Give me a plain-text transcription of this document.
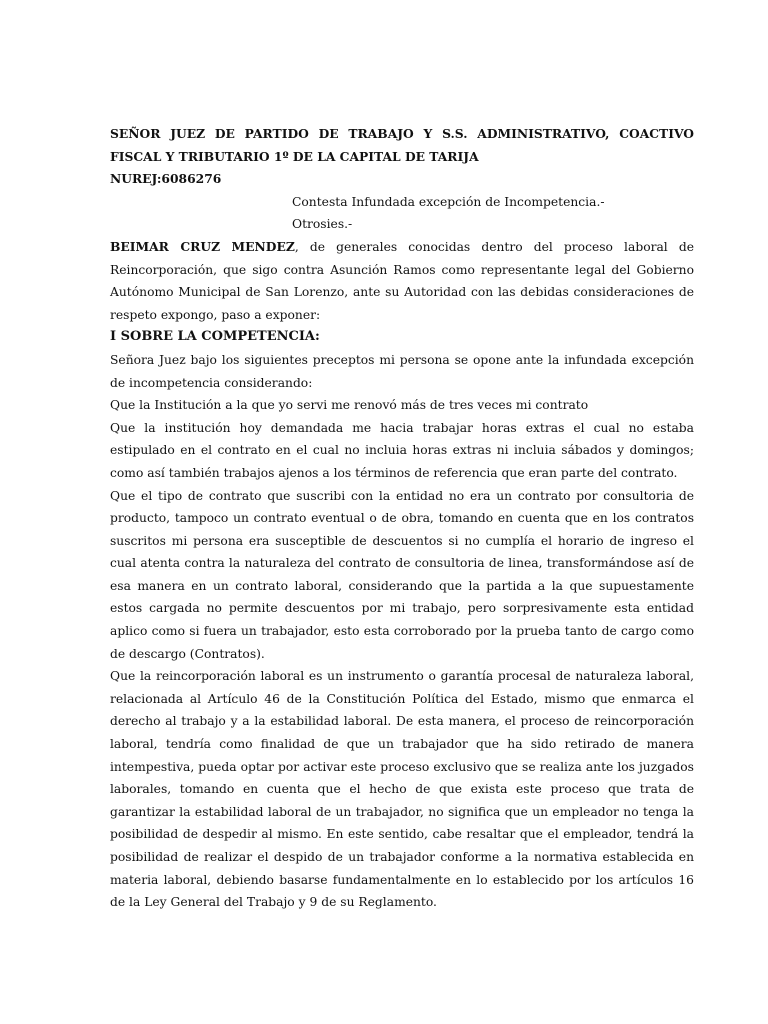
SEÑOR JUEZ DE PARTIDO DE TRABAJO Y S.S. ADMINISTRATIVO, COACTIVO FISCAL Y TRIBUTARIO 1º DE LA CAPITAL DE TARIJA
NUREJ:6086276
Contesta Infundada excepción de Incompetencia.-
Otrosies.-

BEIMAR CRUZ MENDEZ, de generales conocidas dentro del proceso laboral de Reincorporación, que sigo contra Asunción Ramos como representante legal del Gobierno Autónomo Municipal de San Lorenzo, ante su Autoridad con las debidas consideraciones de respeto expongo, paso a exponer:

I SOBRE LA COMPETENCIA:

Señora Juez bajo los siguientes preceptos mi persona se opone ante la infundada excepción de incompetencia considerando:

Que la Institución a la que yo servi me renovó más de tres veces mi contrato

Que la institución hoy demandada me hacia trabajar horas extras el cual no estaba estipulado en el contrato en el cual no incluia horas extras ni incluia sábados y domingos; como así también trabajos ajenos a los términos de referencia que eran parte del contrato.

Que el tipo de contrato que suscribi con la entidad no era un contrato por consultoria de producto, tampoco un contrato eventual o de obra, tomando en cuenta que en los contratos suscritos mi persona era susceptible de descuentos si no cumplía el horario de ingreso el cual atenta contra la naturaleza del contrato de consultoria de linea, transformándose así de esa manera en un contrato laboral, considerando que la partida a la que supuestamente estos cargada no permite descuentos por mi trabajo, pero sorpresivamente esta entidad aplico como si fuera un trabajador, esto esta corroborado por la prueba tanto de cargo como de descargo (Contratos).

Que la reincorporación laboral es un instrumento o garantía procesal de naturaleza laboral, relacionada al Artículo 46 de la Constitución Política del Estado, mismo que enmarca el derecho al trabajo y a la estabilidad laboral. De esta manera, el proceso de reincorporación laboral, tendría como finalidad de que un trabajador que ha sido retirado de manera intempestiva, pueda optar por activar este proceso exclusivo que se realiza ante los juzgados laborales, tomando en cuenta que el hecho de que exista este proceso que trata de garantizar la estabilidad laboral de un trabajador, no significa que un empleador no tenga la posibilidad de despedir al mismo. En este sentido, cabe resaltar que el empleador, tendrá la posibilidad de realizar el despido de un trabajador conforme a la normativa establecida en materia laboral, debiendo basarse fundamentalmente en lo establecido por los artículos 16 de la Ley General del Trabajo y 9 de su Reglamento.
